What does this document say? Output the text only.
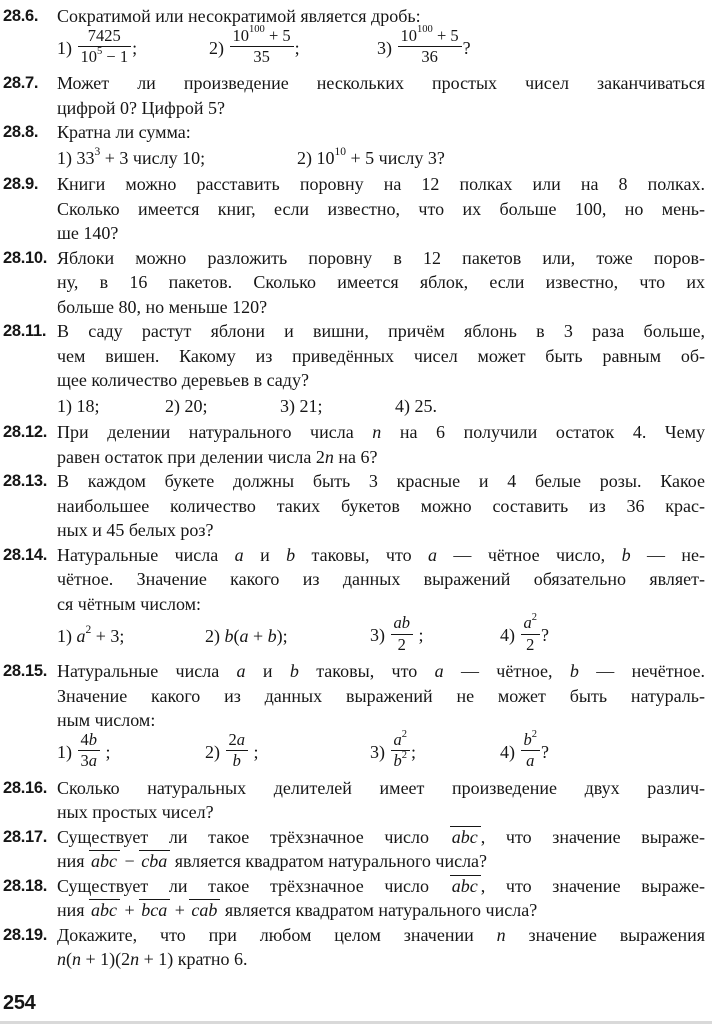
28.6. Сократимой или несократимой является дробь:
$1) \frac{7425}{10^5 - 1}$ ;	$2) \frac{10^{100} + 5}{35}$ ;	$3) \frac{10^{100} + 5}{36}$ ?
28.7. Может ли произведение нескольких простых чисел заканчиваться
цифрой 0? Цифрой 5?
28.8. Кратна ли сумма:
1) $33^3 + 3$ числу 10;	2) $10^{10} + 5$ числу 3?
28.9. Книги можно расставить поровну на 12 полках или на 8 полках.
Сколько имеется книг, если известно, что их больше 100, но мень-
ше 140?
28.10. Яблоки можно разложить поровну в 12 пакетов или, тоже поров-
ну, в 16 пакетов. Сколько имеется яблок, если известно, что их
больше 80, но меньше 120?
28.11. В саду растут яблони и вишни, причём яблонь в 3 раза больше,
чем вишен. Какому из приведённых чисел может быть равным об-
щее количество деревьев в саду?
1) 18;	2) 20;	3) 21;	4) 25.
28.12. При делении натурального числа n на 6 получили остаток 4. Чему
равен остаток при делении числа 2n на 6?
28.13. В каждом букете должны быть 3 красные и 4 белые розы. Какое
наибольшее количество таких букетов можно составить из 36 крас-
ных и 45 белых роз?
28.14. Натуральные числа a и b таковы, что a — чётное число, b — не-
чётное. Значение какого из данных выражений обязательно являет-
ся чётным числом:
1) $a^2 + 3$;	2) b(a + b);	$3) \frac{ab}{2}$ ;	$4) \frac{a^2}{2}$ ?
28.15. Натуральные числа a и b таковы, что a — чётное, b — нечётное.
Значение какого из данных выражений не может быть натураль-
ным числом:
$1) \frac{4b}{3a}$ ;	$2) \frac{2a}{b}$ ;	$3) \frac{a^2}{b^2}$ ;	$4) \frac{b^2}{a}$ ?
28.16. Сколько натуральных делителей имеет произведение двух различ-
ных простых чисел?
28.17. Существует ли такое трёхзначное число abc , что значение выраже-
ния abc − cba является квадратом натурального числа?
28.18. Существует ли такое трёхзначное число abc , что значение выраже-
ния abc + bca + cab является квадратом натурального числа?
28.19. Докажите, что при любом целом значении n значение выражения
n(n + 1)(2n + 1) кратно 6.
254
